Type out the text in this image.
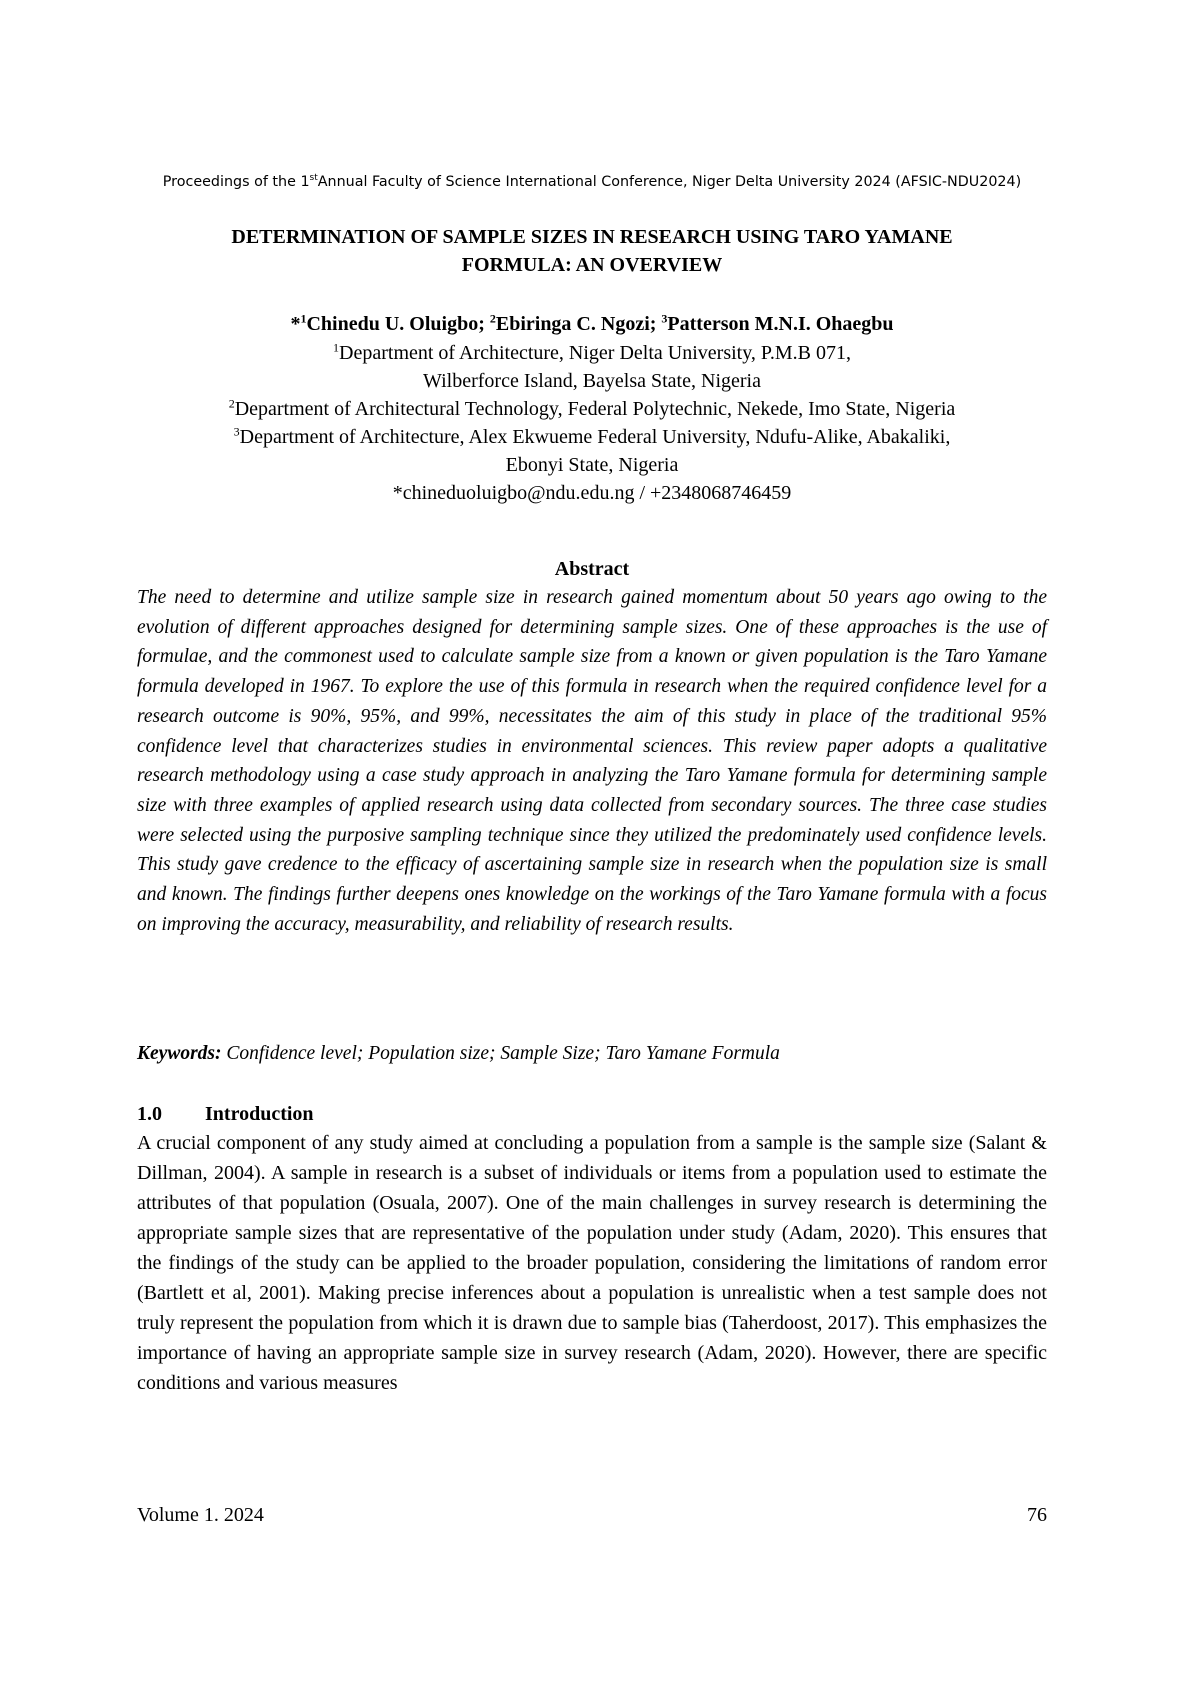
Proceedings of the 1stAnnual Faculty of Science International Conference, Niger Delta University 2024 (AFSIC-NDU2024)
DETERMINATION OF SAMPLE SIZES IN RESEARCH USING TARO YAMANE FORMULA: AN OVERVIEW
*$^1$Chinedu U. Oluigbo; $^2$Ebiringa C. Ngozi; $^3$Patterson M.N.I. Ohaegbu
$^1$Department of Architecture, Niger Delta University, P.M.B 071,
Wilberforce Island, Bayelsa State, Nigeria
$^2$Department of Architectural Technology, Federal Polytechnic, Nekede, Imo State, Nigeria
$^3$Department of Architecture, Alex Ekwueme Federal University, Ndufu-Alike, Abakaliki,
Ebonyi State, Nigeria
*chineduoluigbo@ndu.edu.ng / +2348068746459
Abstract
The need to determine and utilize sample size in research gained momentum about 50 years ago owing to the evolution of different approaches designed for determining sample sizes. One of these approaches is the use of formulae, and the commonest used to calculate sample size from a known or given population is the Taro Yamane formula developed in 1967. To explore the use of this formula in research when the required confidence level for a research outcome is 90%, 95%, and 99%, necessitates the aim of this study in place of the traditional 95% confidence level that characterizes studies in environmental sciences. This review paper adopts a qualitative research methodology using a case study approach in analyzing the Taro Yamane formula for determining sample size with three examples of applied research using data collected from secondary sources. The three case studies were selected using the purposive sampling technique since they utilized the predominately used confidence levels. This study gave credence to the efficacy of ascertaining sample size in research when the population size is small and known. The findings further deepens ones knowledge on the workings of the Taro Yamane formula with a focus on improving the accuracy, measurability, and reliability of research results.
Keywords: Confidence level; Population size; Sample Size; Taro Yamane Formula
1.0 Introduction
A crucial component of any study aimed at concluding a population from a sample is the sample size (Salant & Dillman, 2004). A sample in research is a subset of individuals or items from a population used to estimate the attributes of that population (Osuala, 2007). One of the main challenges in survey research is determining the appropriate sample sizes that are representative of the population under study (Adam, 2020). This ensures that the findings of the study can be applied to the broader population, considering the limitations of random error (Bartlett et al, 2001). Making precise inferences about a population is unrealistic when a test sample does not truly represent the population from which it is drawn due to sample bias (Taherdoost, 2017). This emphasizes the importance of having an appropriate sample size in survey research (Adam, 2020). However, there are specific conditions and various measures
Volume 1. 2024	76
